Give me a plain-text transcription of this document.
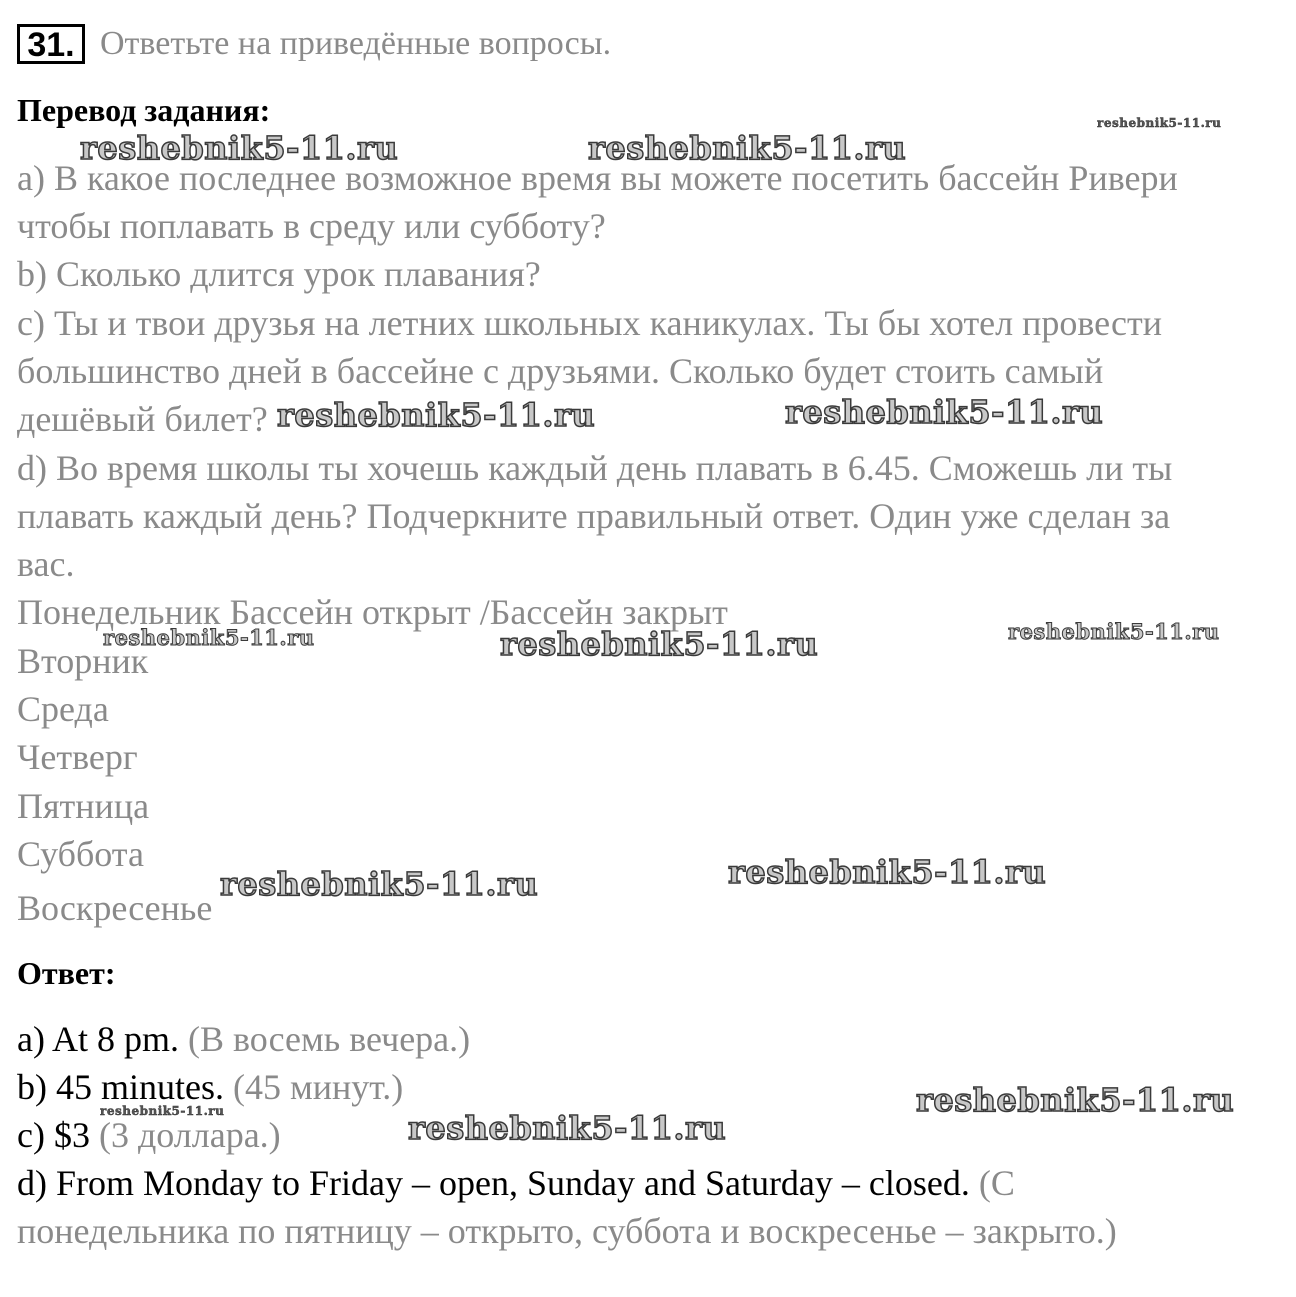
31. Ответьте на приведённые вопросы.
Перевод задания:
a) В какое последнее возможное время вы можете посетить бассейн Ривери
чтобы поплавать в среду или субботу?
b) Сколько длится урок плавания?
c) Ты и твои друзья на летних школьных каникулах. Ты бы хотел провести
большинство дней в бассейне с друзьями. Сколько будет стоить самый
дешёвый билет?
d) Во время школы ты хочешь каждый день плавать в 6.45. Сможешь ли ты
плавать каждый день? Подчеркните правильный ответ. Один уже сделан за
вас.
Понедельник Бассейн открыт /Бассейн закрыт
Вторник
Среда
Четверг
Пятница
Суббота
Воскресенье
Ответ:
a) At 8 pm. (В восемь вечера.)
b) 45 minutes. (45 минут.)
c) $3 (3 доллара.)
d) From Monday to Friday – open, Sunday and Saturday – closed. (С
понедельника по пятницу – открыто, суббота и воскресенье – закрыто.)
reshebnik5-11.ru
reshebnik5-11.ru	reshebnik5-11.ru
reshebnik5-11.ru	reshebnik5-11.ru
reshebnik5-11.ru	reshebnik5-11.ru	reshebnik5-11.ru
reshebnik5-11.ru	reshebnik5-11.ru
reshebnik5-11.ru
reshebnik5-11.ru	reshebnik5-11.ru
